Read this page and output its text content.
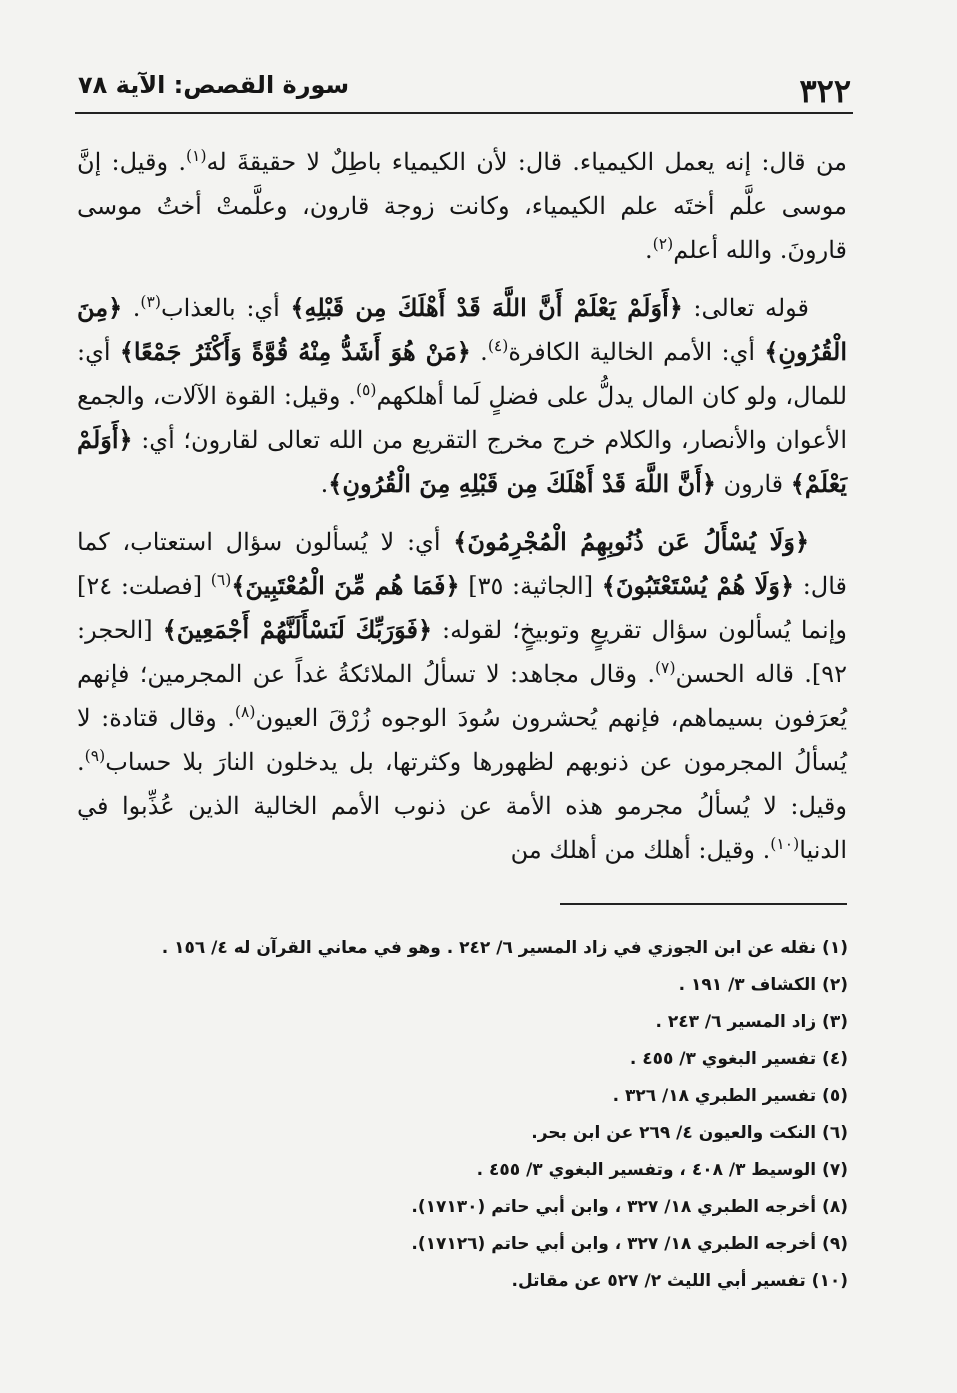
٣٢٢
سورة القصص: الآية ٧٨

من قال: إنه يعمل الكيمياء. قال: لأن الكيمياء باطِلٌ لا حقيقةَ له$^{(١)}$. وقيل: إنَّ موسى علَّم أختَه علم الكيمياء، وكانت زوجة قارون، وعلَّمتْ أختُ موسى قارونَ. والله أعلم$^{(٢)}$.

قوله تعالى: ﴿أَوَلَمْ يَعْلَمْ أَنَّ اللَّهَ قَدْ أَهْلَكَ مِن قَبْلِهِ﴾ أي: بالعذاب$^{(٣)}$. ﴿مِنَ الْقُرُونِ﴾ أي: الأمم الخالية الكافرة$^{(٤)}$. ﴿مَنْ هُوَ أَشَدُّ مِنْهُ قُوَّةً وَأَكْثَرُ جَمْعًا﴾ أي: للمال، ولو كان المال يدلُّ على فضلٍ لَما أهلكهم$^{(٥)}$. وقيل: القوة الآلات، والجمع الأعوان والأنصار، والكلام خرج مخرج التقريع من الله تعالى لقارون؛ أي: ﴿أَوَلَمْ يَعْلَمْ﴾ قارون ﴿أَنَّ اللَّهَ قَدْ أَهْلَكَ مِن قَبْلِهِ مِنَ الْقُرُونِ﴾.

﴿وَلَا يُسْأَلُ عَن ذُنُوبِهِمُ الْمُجْرِمُونَ﴾ أي: لا يُسألون سؤال استعتاب، كما قال: ﴿وَلَا هُمْ يُسْتَعْتَبُونَ﴾ [الجاثية: ٣٥] ﴿فَمَا هُم مِّنَ الْمُعْتَبِينَ﴾$^{(٦)}$ [فصلت: ٢٤] وإنما يُسألون سؤال تقريعٍ وتوبيخٍ؛ لقوله: ﴿فَوَرَبِّكَ لَنَسْأَلَنَّهُمْ أَجْمَعِينَ﴾ [الحجر: ٩٢]. قاله الحسن$^{(٧)}$. وقال مجاهد: لا تسألُ الملائكةُ غداً عن المجرمين؛ فإنهم يُعرَفون بسيماهم، فإنهم يُحشرون سُودَ الوجوه زُرْقَ العيون$^{(٨)}$. وقال قتادة: لا يُسألُ المجرمون عن ذنوبهم لظهورها وكثرتها، بل يدخلون النارَ بلا حساب$^{(٩)}$. وقيل: لا يُسألُ مجرمو هذه الأمة عن ذنوب الأمم الخالية الذين عُذِّبوا في الدنيا$^{(١٠)}$. وقيل: أهلك من أهلك من

(١) نقله عن ابن الجوزي في زاد المسير ٦/ ٢٤٢ . وهو في معاني القرآن له ٤/ ١٥٦ .
(٢) الكشاف ٣/ ١٩١ .
(٣) زاد المسير ٦/ ٢٤٣ .
(٤) تفسير البغوي ٣/ ٤٥٥ .
(٥) تفسير الطبري ١٨/ ٣٢٦ .
(٦) النكت والعيون ٤/ ٢٦٩ عن ابن بحر.
(٧) الوسيط ٣/ ٤٠٨ ، وتفسير البغوي ٣/ ٤٥٥ .
(٨) أخرجه الطبري ١٨/ ٣٢٧ ، وابن أبي حاتم (١٧١٣٠).
(٩) أخرجه الطبري ١٨/ ٣٢٧ ، وابن أبي حاتم (١٧١٢٦).
(١٠) تفسير أبي الليث ٢/ ٥٢٧ عن مقاتل.
